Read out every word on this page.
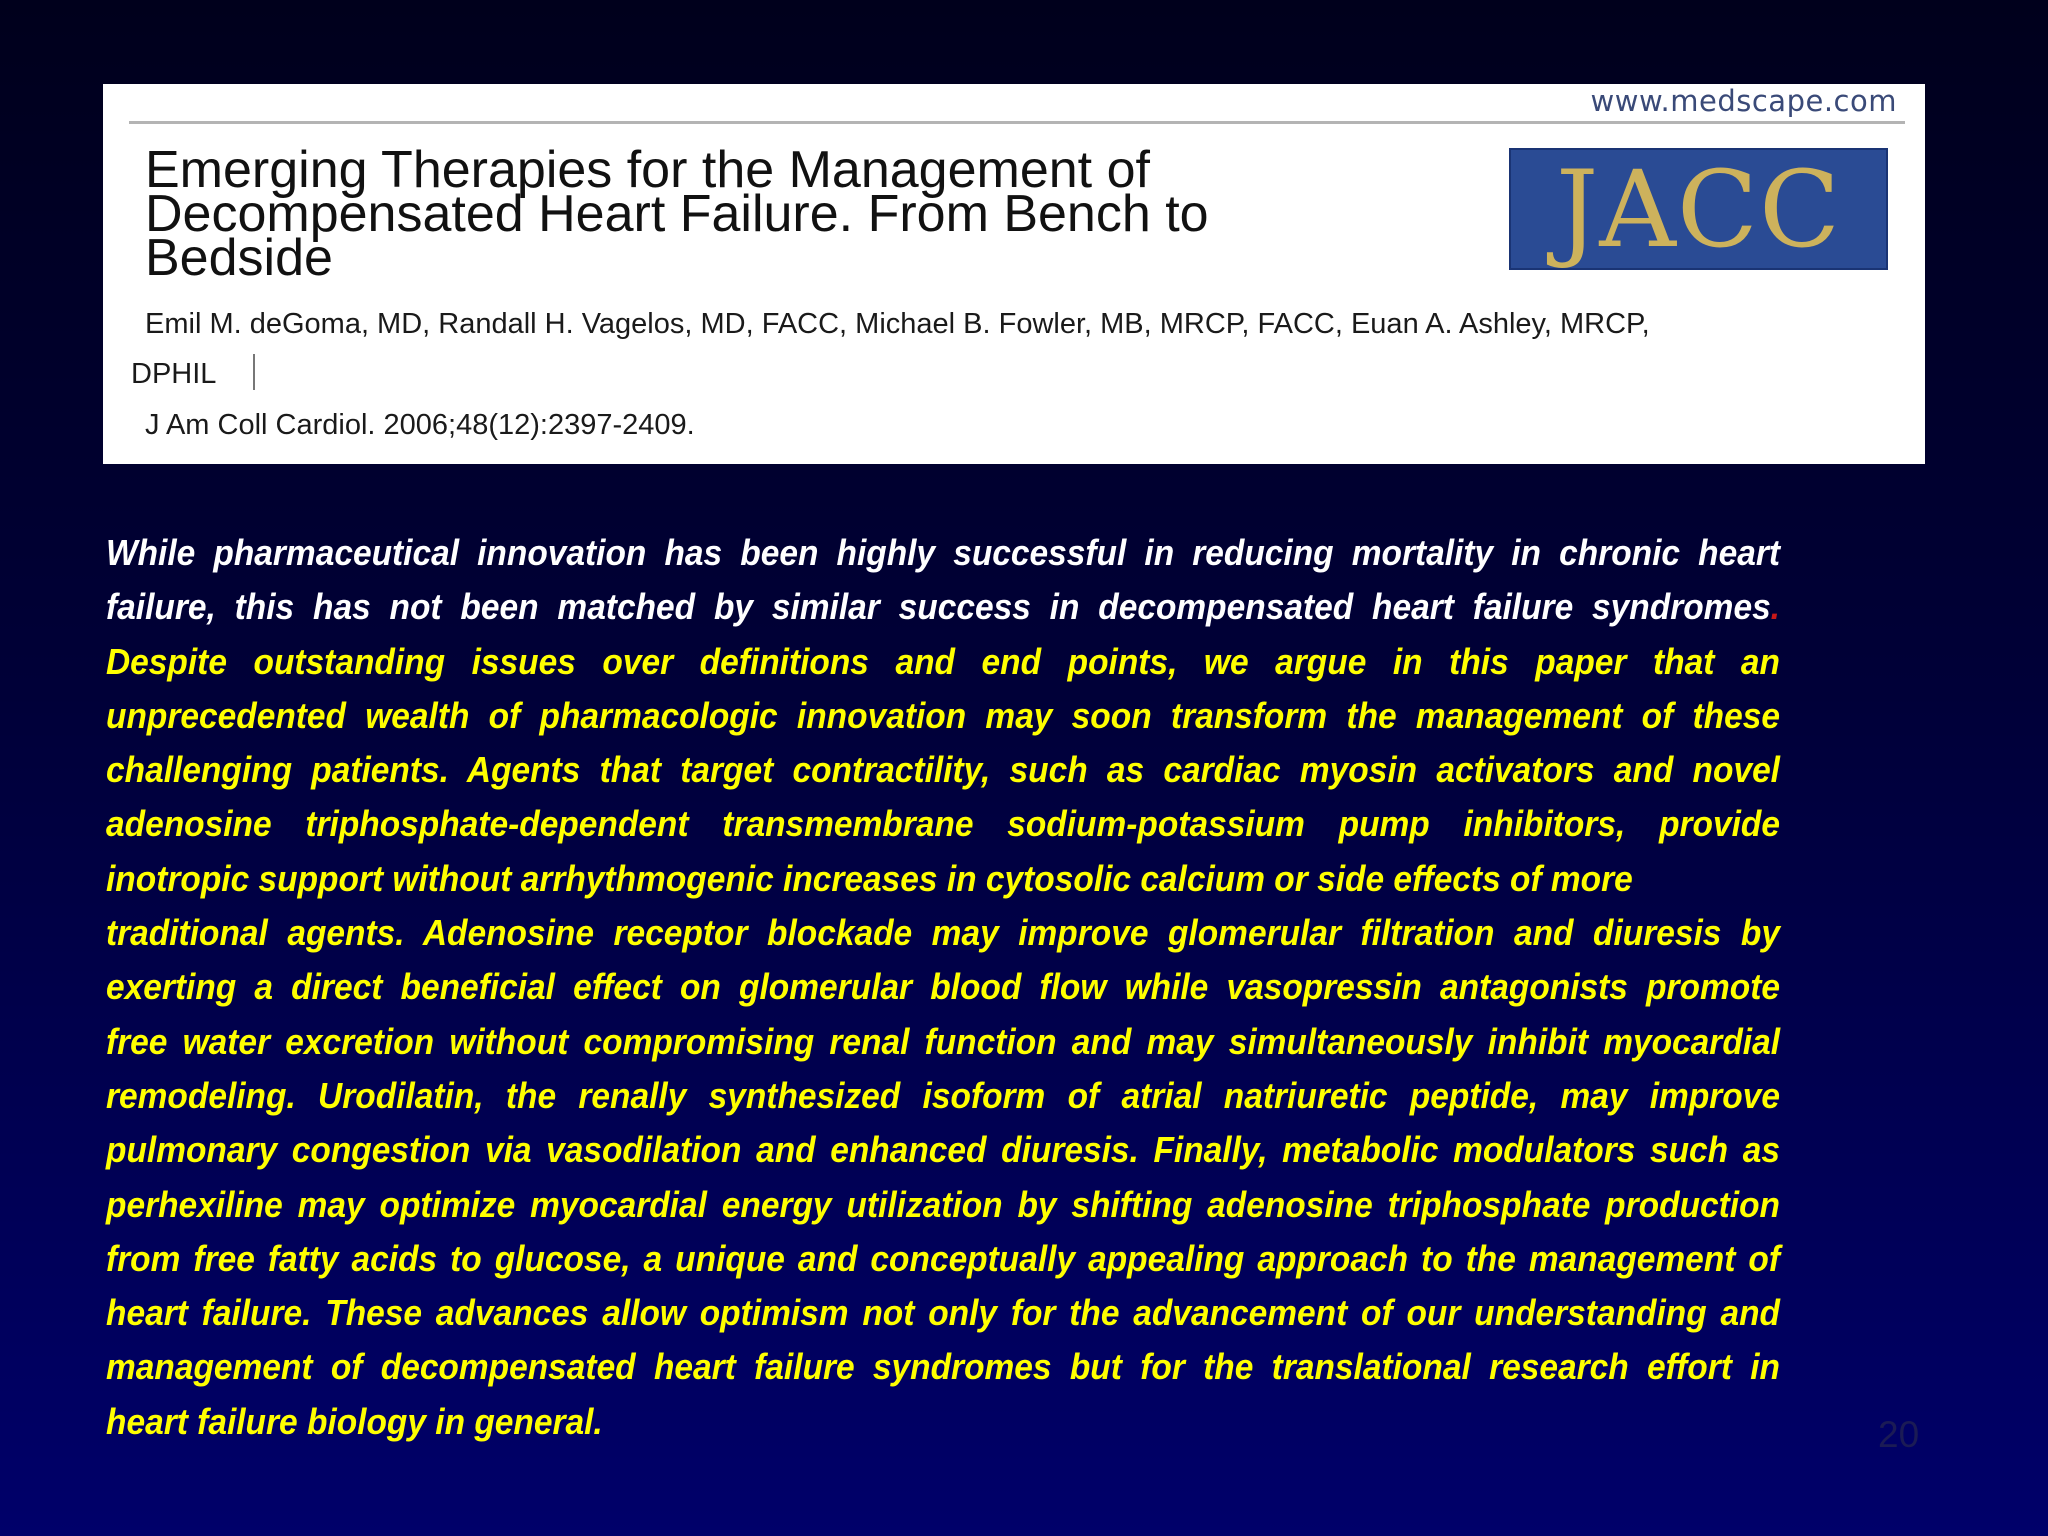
www.medscape.com
Emerging Therapies for the Management of
Decompensated Heart Failure. From Bench to
Bedside	JACC
Emil M. deGoma, MD, Randall H. Vagelos, MD, FACC, Michael B. Fowler, MB, MRCP, FACC, Euan A. Ashley, MRCP,
DPHIL
J Am Coll Cardiol. 2006;48(12):2397-2409.
While pharmaceutical innovation has been highly successful in reducing mortality in chronic heart
failure, this has not been matched by similar success in decompensated heart failure syndromes.
Despite outstanding issues over definitions and end points, we argue in this paper that an
unprecedented wealth of pharmacologic innovation may soon transform the management of these
challenging patients. Agents that target contractility, such as cardiac myosin activators and novel
adenosine triphosphate-dependent transmembrane sodium-potassium pump inhibitors, provide
inotropic support without arrhythmogenic increases in cytosolic calcium or side effects of more
traditional agents. Adenosine receptor blockade may improve glomerular filtration and diuresis by
exerting a direct beneficial effect on glomerular blood flow while vasopressin antagonists promote
free water excretion without compromising renal function and may simultaneously inhibit myocardial
remodeling. Urodilatin, the renally synthesized isoform of atrial natriuretic peptide, may improve
pulmonary congestion via vasodilation and enhanced diuresis. Finally, metabolic modulators such as
perhexiline may optimize myocardial energy utilization by shifting adenosine triphosphate production
from free fatty acids to glucose, a unique and conceptually appealing approach to the management of
heart failure. These advances allow optimism not only for the advancement of our understanding and
management of decompensated heart failure syndromes but for the translational research effort in
heart failure biology in general.	20
